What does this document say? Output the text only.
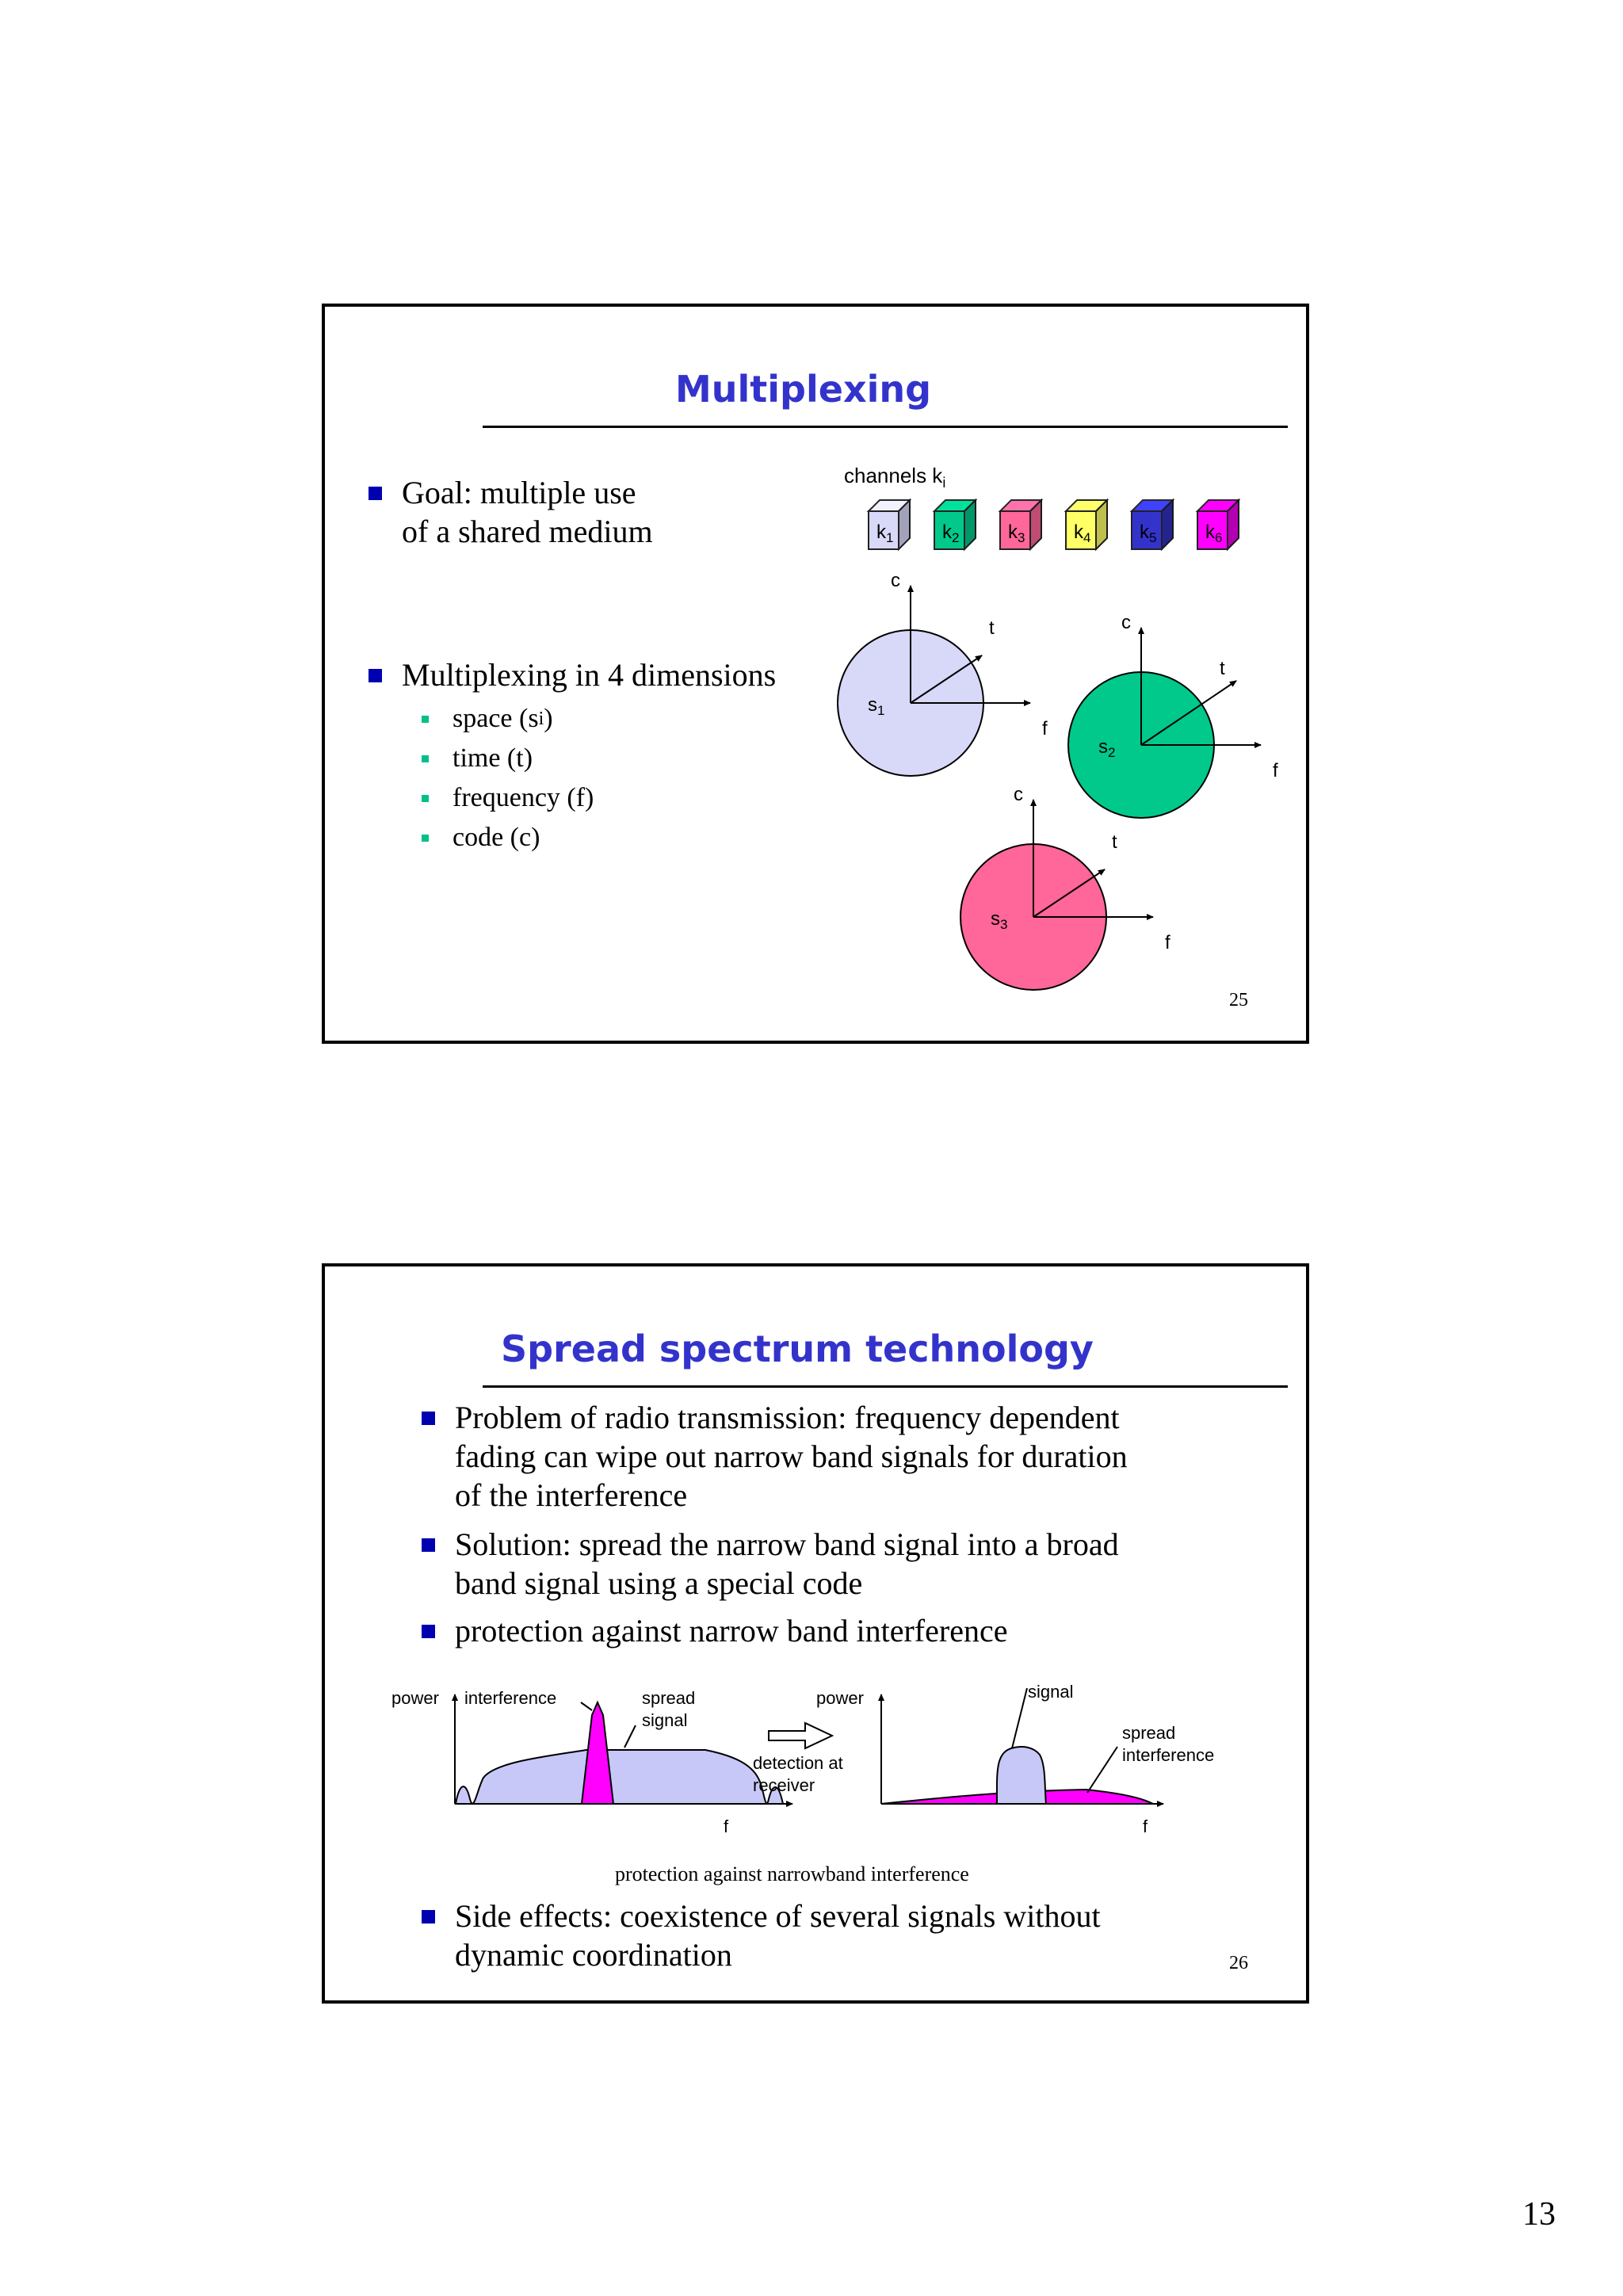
Multiplexing
Goal: multiple use
of a shared medium
Multiplexing in 4 dimensions
space (s i )
time (t)
frequency (f)
code (c)
channels $k_i$
$k_1$	$k_2$	$k_3$	$k_4$	$k_5$	$k_6$
c
t
f
$s_1$
c
t
f
$s_2$
c
t
f
$s_3$
25
Spread spectrum technology
Problem of radio transmission: frequency dependent
fading can wipe out narrow band signals for duration
of the interference
Solution: spread the narrow band signal into a broad
band signal using a special code
protection against narrow band interference
power interference	spread
signal
f
detection at
receiver
power	signal
spread
interference
f
protection against narrowband interference
Side effects: coexistence of several signals without
dynamic coordination	26
13
